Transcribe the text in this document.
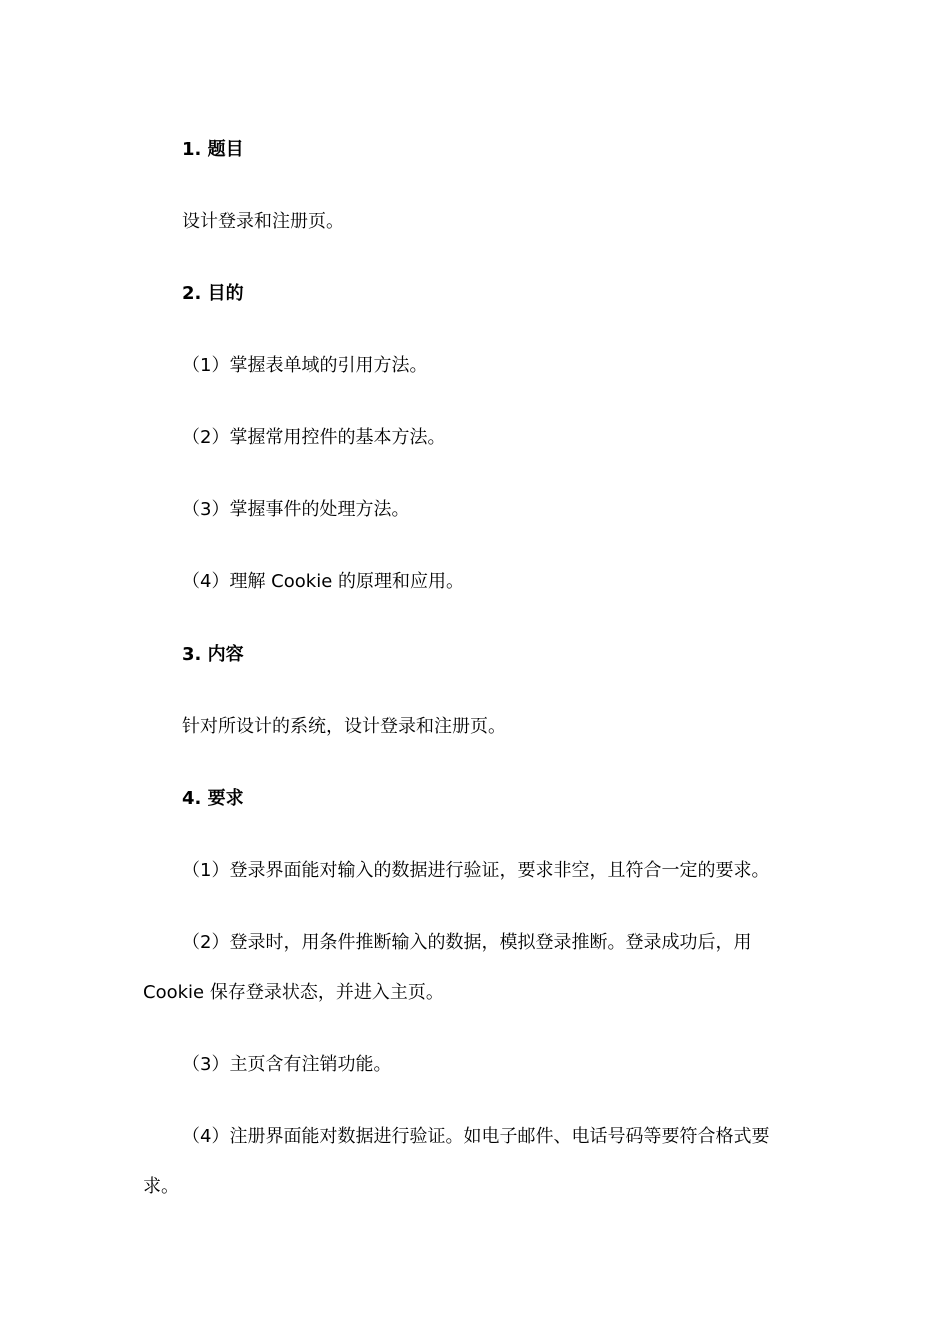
1. 题目
设计登录和注册页。
2. 目的
（1）掌握表单域的引用方法。
（2）掌握常用控件的基本方法。
（3）掌握事件的处理方法。
（4）理解 Cookie 的原理和应用。
3. 内容
针对所设计的系统，设计登录和注册页。
4. 要求
（1）登录界面能对输入的数据进行验证，要求非空，且符合一定的要求。
（2）登录时，用条件推断输入的数据，模拟登录推断。登录成功后，用
Cookie 保存登录状态，并进入主页。
（3）主页含有注销功能。
（4）注册界面能对数据进行验证。如电子邮件、电话号码等要符合格式要
求。
